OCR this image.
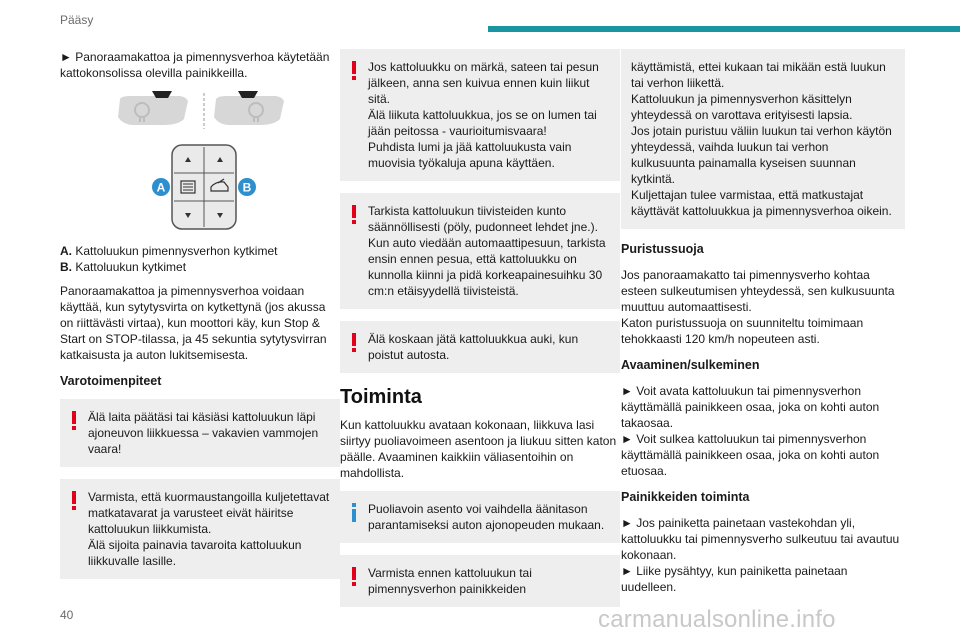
Pääsy

► Panoraamakattoa ja pimennysverhoa käytetään kattokonsolissa olevilla painikkeilla.

A	B
A. Kattoluukun pimennysverhon kytkimet
B. Kattoluukun kytkimet

Panoraamakattoa ja pimennysverhoa voidaan käyttää, kun sytytysvirta on kytkettynä (jos akussa on riittävästi virtaa), kun moottori käy, kun Stop & Start on STOP-tilassa, ja 45 sekuntia sytytysvirran katkaisusta ja auton lukitsemisesta.

Varotoimenpiteet
Älä laita päätäsi tai käsiäsi kattoluukun läpi ajoneuvon liikkuessa – vakavien vammojen vaara!
Varmista, että kuormaustangoilla kuljetettavat matkatavarat ja varusteet eivät häiritse kattoluukun liikkumista.
Älä sijoita painavia tavaroita kattoluukun liikkuvalle lasille.
Jos kattoluukku on märkä, sateen tai pesun jälkeen, anna sen kuivua ennen kuin liikut sitä.
Älä liikuta kattoluukkua, jos se on lumen tai jään peitossa - vaurioitumisvaara!
Puhdista lumi ja jää kattoluukusta vain muovisia työkaluja apuna käyttäen.
Tarkista kattoluukun tiivisteiden kunto säännöllisesti (pöly, pudonneet lehdet jne.).
Kun auto viedään automaattipesuun, tarkista ensin ennen pesua, että kattoluukku on kunnolla kiinni ja pidä korkeapainesuihku 30 cm:n etäisyydellä tiivisteistä.
Älä koskaan jätä kattoluukkua auki, kun poistut autosta.
Toiminta

Kun kattoluukku avataan kokonaan, liikkuva lasi siirtyy puoliavoimeen asentoon ja liukuu sitten katon päälle. Avaaminen kaikkiin väliasentoihin on mahdollista.

Puoliavoin asento voi vaihdella äänitason parantamiseksi auton ajonopeuden mukaan.
Varmista ennen kattoluukun tai pimennysverhon painikkeiden
käyttämistä, ettei kukaan tai mikään estä luukun tai verhon liikettä.
Kattoluukun ja pimennysverhon käsittelyn yhteydessä on varottava erityisesti lapsia.
Jos jotain puristuu väliin luukun tai verhon käytön yhteydessä, vaihda luukun tai verhon kulkusuunta painamalla kyseisen suunnan kytkintä.
Kuljettajan tulee varmistaa, että matkustajat käyttävät kattoluukkua ja pimennysverhoa oikein.
Puristussuoja

Jos panoraamakatto tai pimennysverho kohtaa esteen sulkeutumisen yhteydessä, sen kulkusuunta muuttuu automaattisesti.
Katon puristussuoja on suunniteltu toimimaan tehokkaasti 120 km/h nopeuteen asti.

Avaaminen/sulkeminen

► Voit avata kattoluukun tai pimennysverhon käyttämällä painikkeen osaa, joka on kohti auton takaosaa.
► Voit sulkea kattoluukun tai pimennysverhon käyttämällä painikkeen osaa, joka on kohti auton etuosaa.

Painikkeiden toiminta

► Jos painiketta painetaan vastekohdan yli, kattoluukku tai pimennysverho sulkeutuu tai avautuu kokonaan.
► Liike pysähtyy, kun painiketta painetaan uudelleen.

40	carmanualsonline.info
